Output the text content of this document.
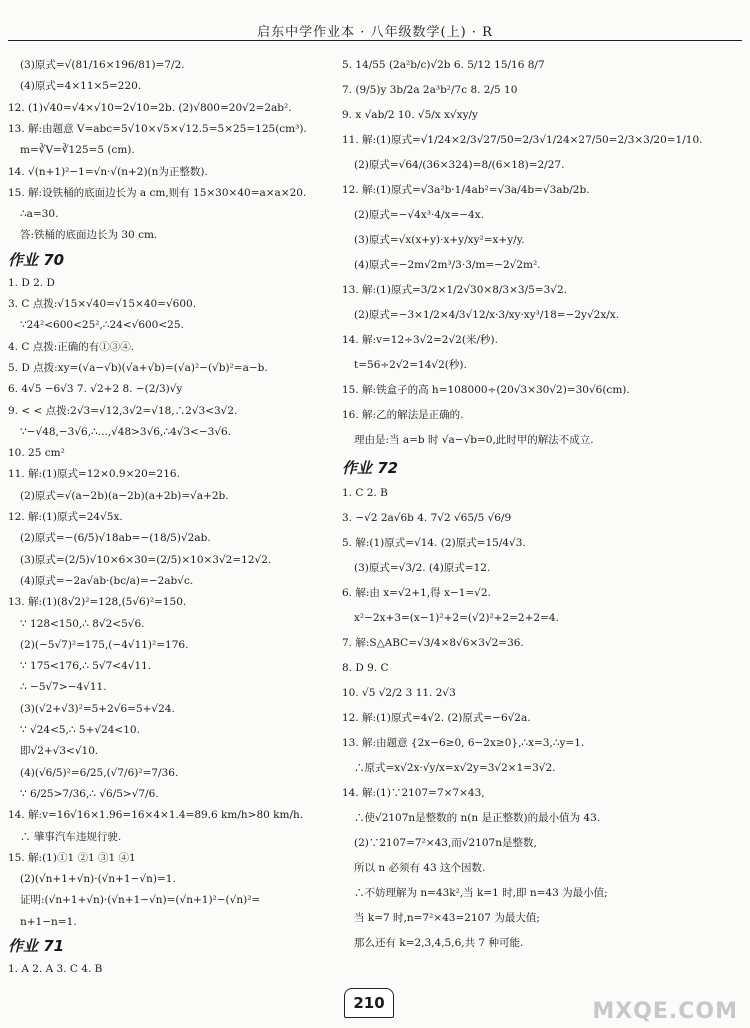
启东中学作业本 · 八年级数学(上) · R
(3)原式=√(81/16×196/81)=7/2.
(4)原式=4×11×5=220.
12. (1)√40=√4×√10=2√10=2b. (2)√800=20√2=2ab².
13. 解:由题意 V=abc=5√10×√5×√12.5=5×25=125(cm³).
m=∛V=∛125=5 (cm).
14. √(n+1)²−1=√n·√(n+2)(n为正整数).
15. 解:设铁桶的底面边长为 a cm,则有 15×30×40=a×a×20.
∴a=30.
答:铁桶的底面边长为 30 cm.
作业 70
1. D 2. D
3. C 点拨:√15×√40=√15×40=√600.
∵24²<600<25²,∴24<√600<25.
4. C 点拨:正确的有①③④.
5. D 点拨:xy=(√a−√b)(√a+√b)=(√a)²−(√b)²=a−b.
6. 4√5 −6√3 7. √2+2 8. −(2/3)√y
9. < < 点拨:2√3=√12,3√2=√18,∴2√3<3√2.
∵−√48,−3√6,∴...,√48>3√6,∴4√3<−3√6.
10. 25 cm²
11. 解:(1)原式=12×0.9×20=216.
(2)原式=√(a−2b)(a−2b)(a+2b)=√a+2b.
12. 解:(1)原式=24√5x.
(2)原式=−(6/5)√18ab=−(18/5)√2ab.
(3)原式=(2/5)√10×6×30=(2/5)×10×3√2=12√2.
(4)原式=−2a√ab·(bc/a)=−2ab√c.
13. 解:(1)(8√2)²=128,(5√6)²=150.
∵ 128<150,∴ 8√2<5√6.
(2)(−5√7)²=175,(−4√11)²=176.
∵ 175<176,∴ 5√7<4√11.
∴ −5√7>−4√11.
(3)(√2+√3)²=5+2√6=5+√24.
∵ √24<5,∴ 5+√24<10.
即√2+√3<√10.
(4)(√6/5)²=6/25,(√7/6)²=7/36.
∵ 6/25>7/36,∴ √6/5>√7/6.
14. 解:v=16√16×1.96=16×4×1.4=89.6 km/h>80 km/h.
∴ 肇事汽车违规行驶.
15. 解:(1)①1 ②1 ③1 ④1
(2)(√n+1+√n)·(√n+1−√n)=1.
证明:(√n+1+√n)·(√n+1−√n)=(√n+1)²−(√n)²=
n+1−n=1.
作业 71
1. A 2. A 3. C 4. B
5. 14/55 (2a²b/c)√2b 6. 5/12 15/16 8/7
7. (9/5)y 3b/2a 2a³b²/7c 8. 2/5 10
9. x √ab/2 10. √5/x x√xy/y
11. 解:(1)原式=√1/24×2/3√27/50=2/3√1/24×27/50=2/3×3/20=1/10.
(2)原式=√64/(36×324)=8/(6×18)=2/27.
12. 解:(1)原式=√3a²b·1/4ab²=√3a/4b=√3ab/2b.
(2)原式=−√4x³·4/x=−4x.
(3)原式=√x(x+y)·x+y/xy²=x+y/y.
(4)原式=−2m√2m³/3·3/m=−2√2m².
13. 解:(1)原式=3/2×1/2√30×8/3×3/5=3√2.
(2)原式=−3×1/2×4/3√12/x·3/xy·xy³/18=−2y√2x/x.
14. 解:v=12÷3√2=2√2(米/秒).
t=56÷2√2=14√2(秒).
15. 解:铁盒子的高 h=108000÷(20√3×30√2)=30√6(cm).
16. 解:乙的解法是正确的.
理由是:当 a=b 时 √a−√b=0,此时甲的解法不成立.
作业 72
1. C 2. B
3. −√2 2a√6b 4. 7√2 √65/5 √6/9
5. 解:(1)原式=√14. (2)原式=15/4√3.
(3)原式=√3/2. (4)原式=12.
6. 解:由 x=√2+1,得 x−1=√2.
x²−2x+3=(x−1)²+2=(√2)²+2=2+2=4.
7. 解:S△ABC=√3/4×8√6×3√2=36.
8. D 9. C
10. √5 √2/2 3 11. 2√3
12. 解:(1)原式=4√2. (2)原式=−6√2a.
13. 解:由题意 {2x−6≥0, 6−2x≥0},∴x=3,∴y=1.
∴原式=x√2x·√y/x=x√2y=3√2×1=3√2.
14. 解:(1)∵2107=7×7×43,
∴使√2107n是整数的 n(n 是正整数)的最小值为 43.
(2)∵2107=7²×43,而√2107n是整数,
所以 n 必须有 43 这个因数.
∴不妨理解为 n=43k²,当 k=1 时,即 n=43 为最小值;
当 k=7 时,n=7²×43=2107 为最大值;
那么还有 k=2,3,4,5,6,共 7 种可能.
210	MXQE.COM
